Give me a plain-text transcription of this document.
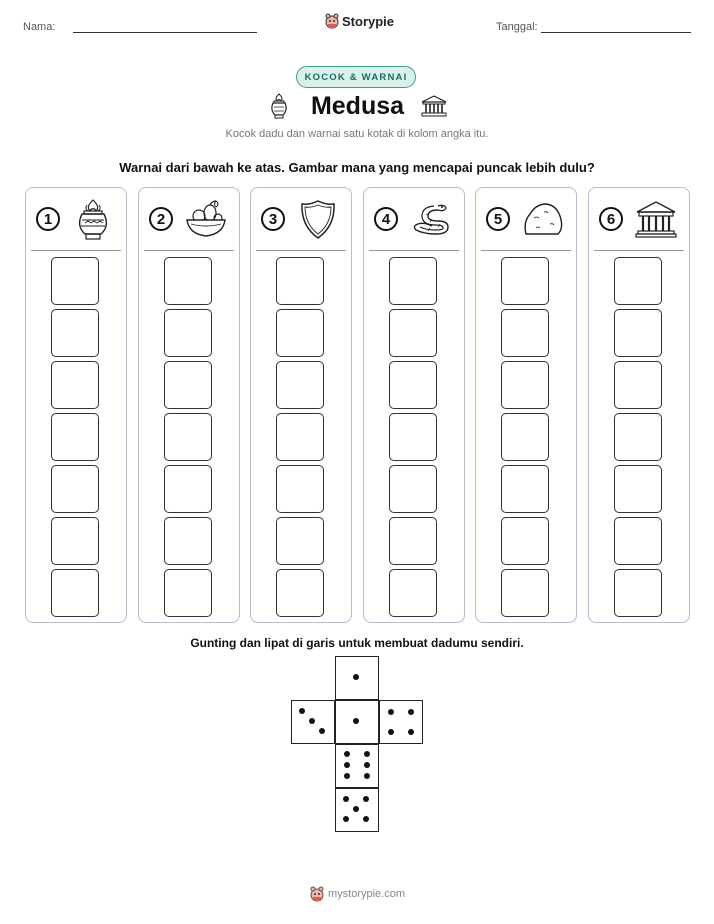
Nama:	Storypie	Tanggal:
KOCOK & WARNAI
Medusa
Kocok dadu dan warnai satu kotak di kolom angka itu.
Warnai dari bawah ke atas. Gambar mana yang mencapai puncak lebih dulu?
1	2	3	4	5	6
Gunting dan lipat di garis untuk membuat dadumu sendiri.
mystorypie.com
